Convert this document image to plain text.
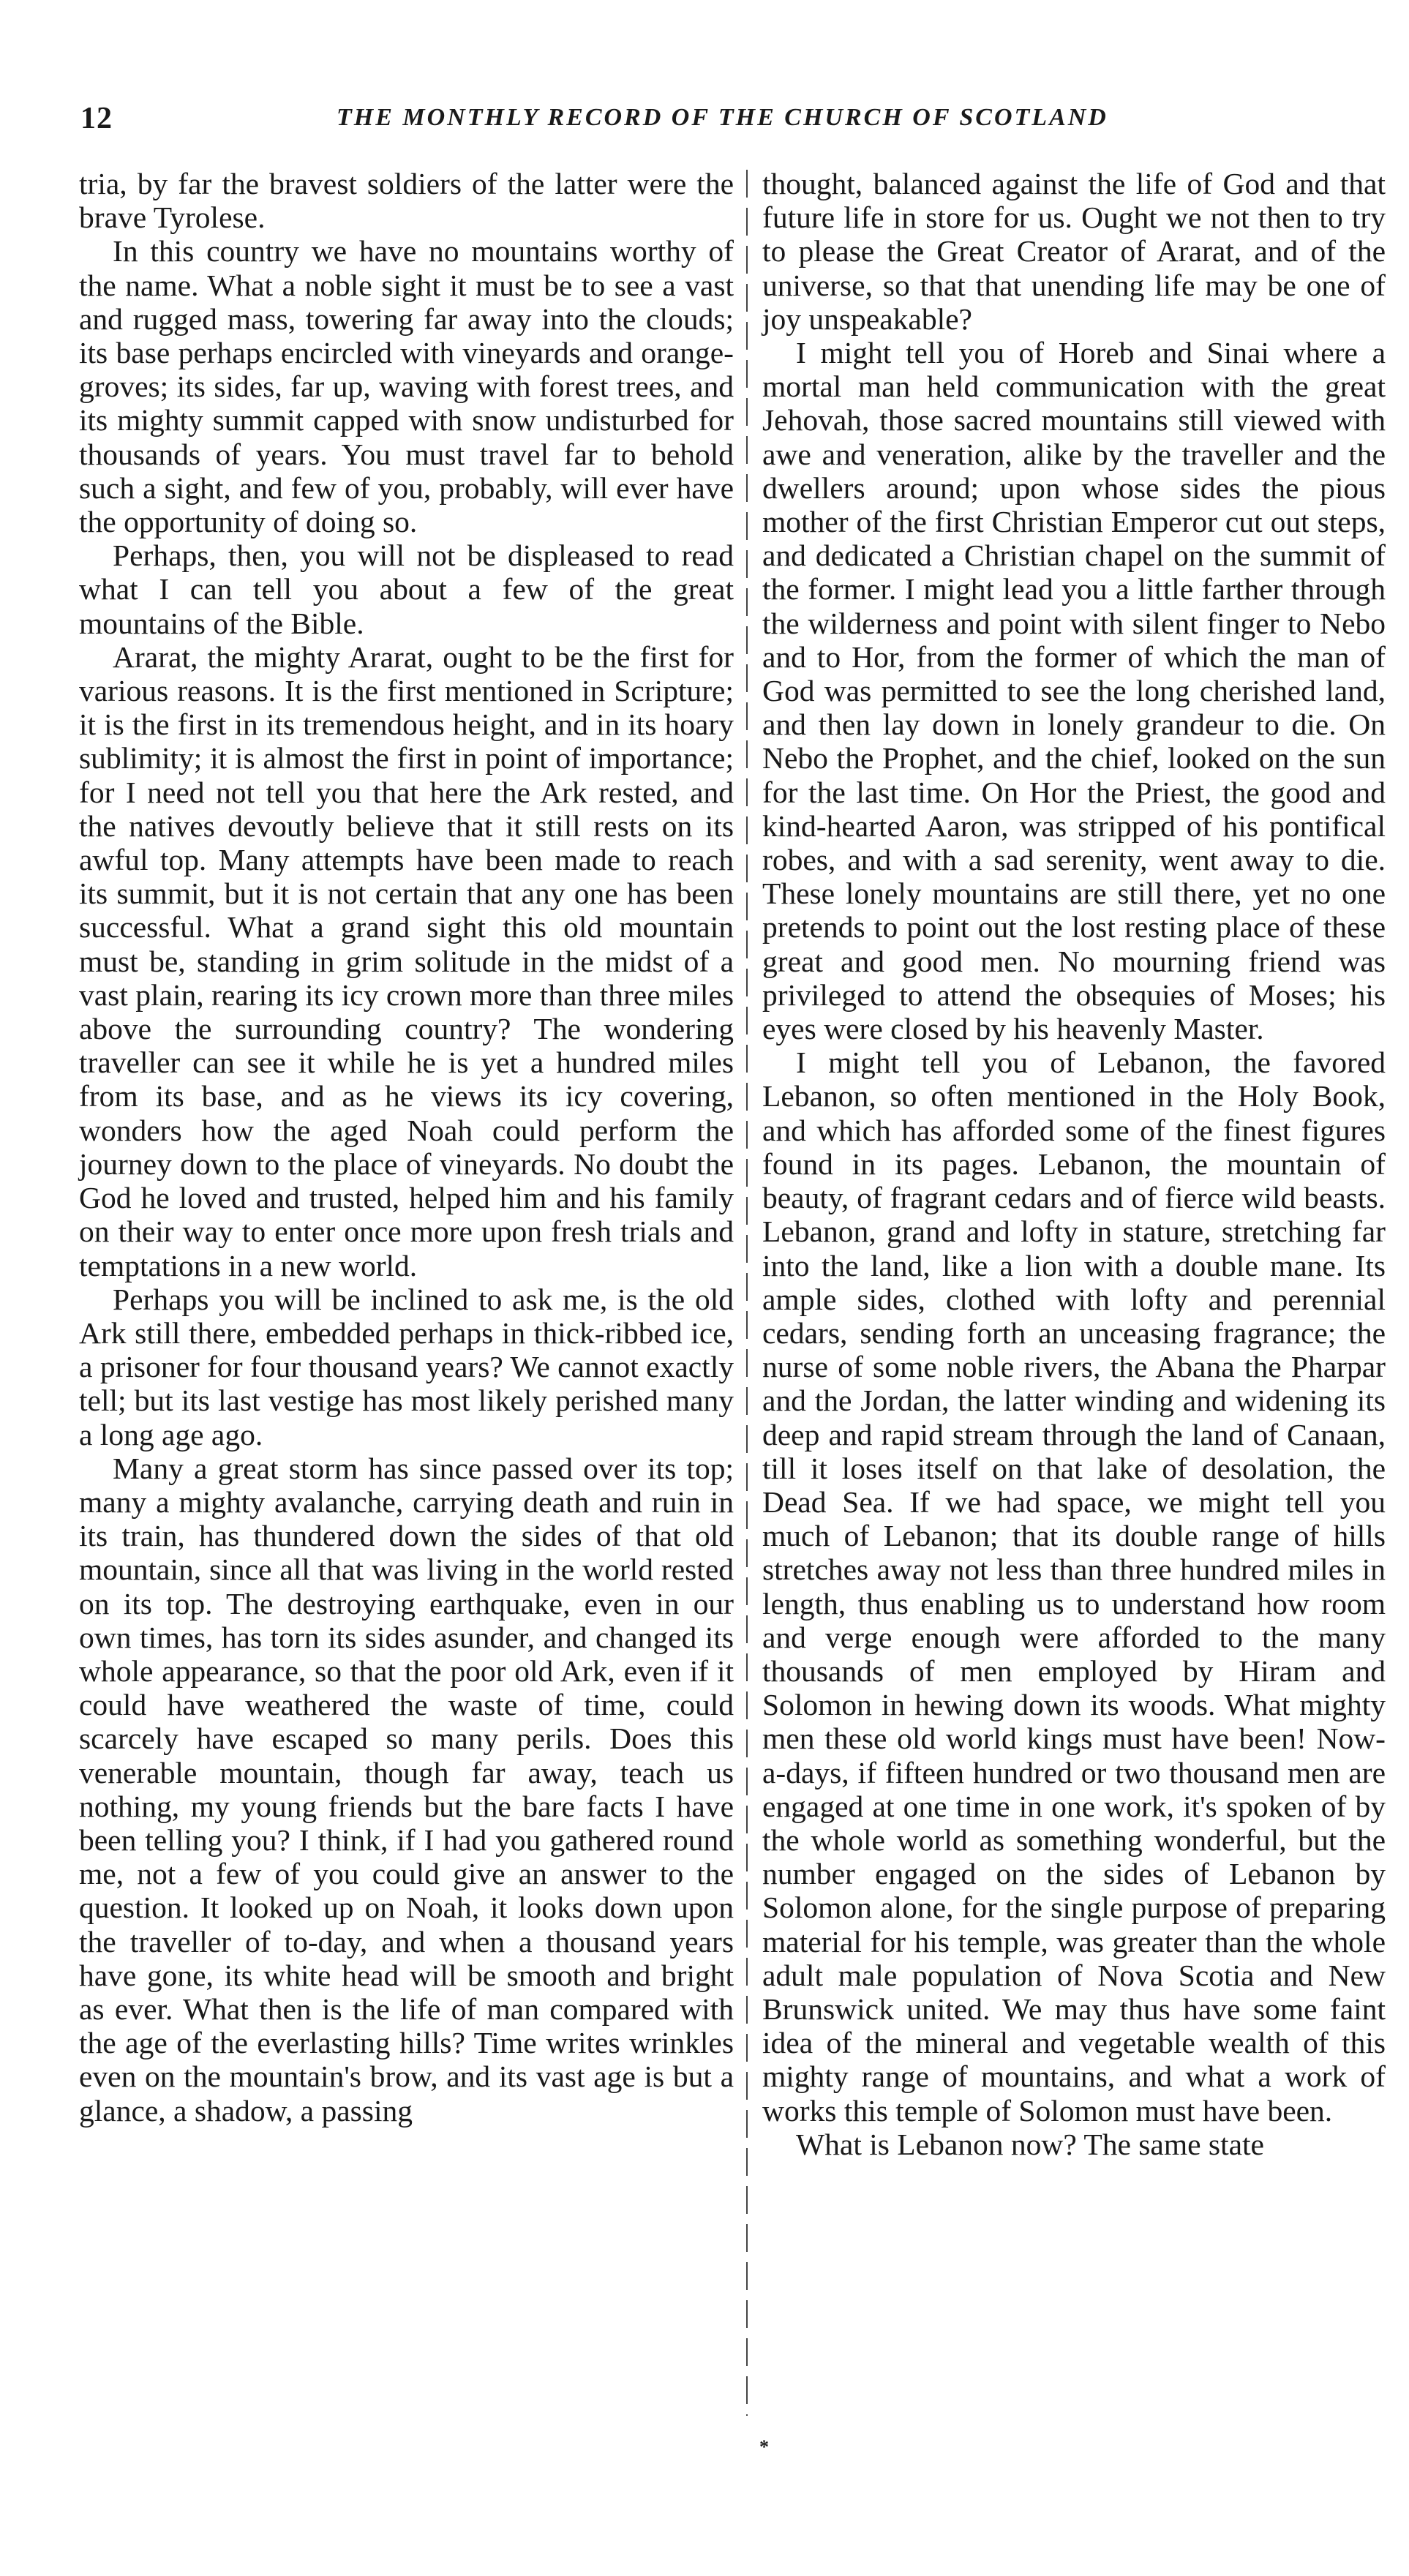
12	THE MONTHLY RECORD OF THE CHURCH OF SCOTLAND

tria, by far the bravest soldiers of the latter were the brave Tyrolese.

In this country we have no mountains worthy of the name. What a noble sight it must be to see a vast and rugged mass, towering far away into the clouds; its base perhaps encircled with vineyards and orange-groves; its sides, far up, waving with forest trees, and its mighty summit capped with snow undisturbed for thousands of years. You must travel far to behold such a sight, and few of you, probably, will ever have the opportunity of doing so.

Perhaps, then, you will not be displeased to read what I can tell you about a few of the great mountains of the Bible.

Ararat, the mighty Ararat, ought to be the first for various reasons. It is the first mentioned in Scripture; it is the first in its tremendous height, and in its hoary sublimity; it is almost the first in point of importance; for I need not tell you that here the Ark rested, and the natives devoutly believe that it still rests on its awful top. Many attempts have been made to reach its summit, but it is not certain that any one has been successful. What a grand sight this old mountain must be, standing in grim solitude in the midst of a vast plain, rearing its icy crown more than three miles above the surrounding country? The wondering traveller can see it while he is yet a hundred miles from its base, and as he views its icy covering, wonders how the aged Noah could perform the journey down to the place of vineyards. No doubt the God he loved and trusted, helped him and his family on their way to enter once more upon fresh trials and temptations in a new world.

Perhaps you will be inclined to ask me, is the old Ark still there, embedded perhaps in thick-ribbed ice, a prisoner for four thousand years? We cannot exactly tell; but its last vestige has most likely perished many a long age ago.

Many a great storm has since passed over its top; many a mighty avalanche, carrying death and ruin in its train, has thundered down the sides of that old mountain, since all that was living in the world rested on its top. The destroying earthquake, even in our own times, has torn its sides asunder, and changed its whole appearance, so that the poor old Ark, even if it could have weathered the waste of time, could scarcely have escaped so many perils. Does this venerable mountain, though far away, teach us nothing, my young friends but the bare facts I have been telling you? I think, if I had you gathered round me, not a few of you could give an answer to the question. It looked up on Noah, it looks down upon the traveller of to-day, and when a thousand years have gone, its white head will be smooth and bright as ever. What then is the life of man compared with the age of the everlasting hills? Time writes wrinkles even on the mountain's brow, and its vast age is but a glance, a shadow, a passing

thought, balanced against the life of God and that future life in store for us. Ought we not then to try to please the Great Creator of Ararat, and of the universe, so that that unending life may be one of joy unspeakable?

I might tell you of Horeb and Sinai where a mortal man held communication with the great Jehovah, those sacred mountains still viewed with awe and veneration, alike by the traveller and the dwellers around; upon whose sides the pious mother of the first Christian Emperor cut out steps, and dedicated a Christian chapel on the summit of the former. I might lead you a little farther through the wilderness and point with silent finger to Nebo and to Hor, from the former of which the man of God was permitted to see the long cherished land, and then lay down in lonely grandeur to die. On Nebo the Prophet, and the chief, looked on the sun for the last time. On Hor the Priest, the good and kind-hearted Aaron, was stripped of his pontifical robes, and with a sad serenity, went away to die. These lonely mountains are still there, yet no one pretends to point out the lost resting place of these great and good men. No mourning friend was privileged to attend the obsequies of Moses; his eyes were closed by his heavenly Master.

I might tell you of Lebanon, the favored Lebanon, so often mentioned in the Holy Book, and which has afforded some of the finest figures found in its pages. Lebanon, the mountain of beauty, of fragrant cedars and of fierce wild beasts. Lebanon, grand and lofty in stature, stretching far into the land, like a lion with a double mane. Its ample sides, clothed with lofty and perennial cedars, sending forth an unceasing fragrance; the nurse of some noble rivers, the Abana the Pharpar and the Jordan, the latter winding and widening its deep and rapid stream through the land of Canaan, till it loses itself on that lake of desolation, the Dead Sea. If we had space, we might tell you much of Lebanon; that its double range of hills stretches away not less than three hundred miles in length, thus enabling us to understand how room and verge enough were afforded to the many thousands of men employed by Hiram and Solomon in hewing down its woods. What mighty men these old world kings must have been! Now-a-days, if fifteen hundred or two thousand men are engaged at one time in one work, it's spoken of by the whole world as something wonderful, but the number engaged on the sides of Lebanon by Solomon alone, for the single purpose of preparing material for his temple, was greater than the whole adult male population of Nova Scotia and New Brunswick united. We may thus have some faint idea of the mineral and vegetable wealth of this mighty range of mountains, and what a work of works this temple of Solomon must have been.

What is Lebanon now? The same state

*
